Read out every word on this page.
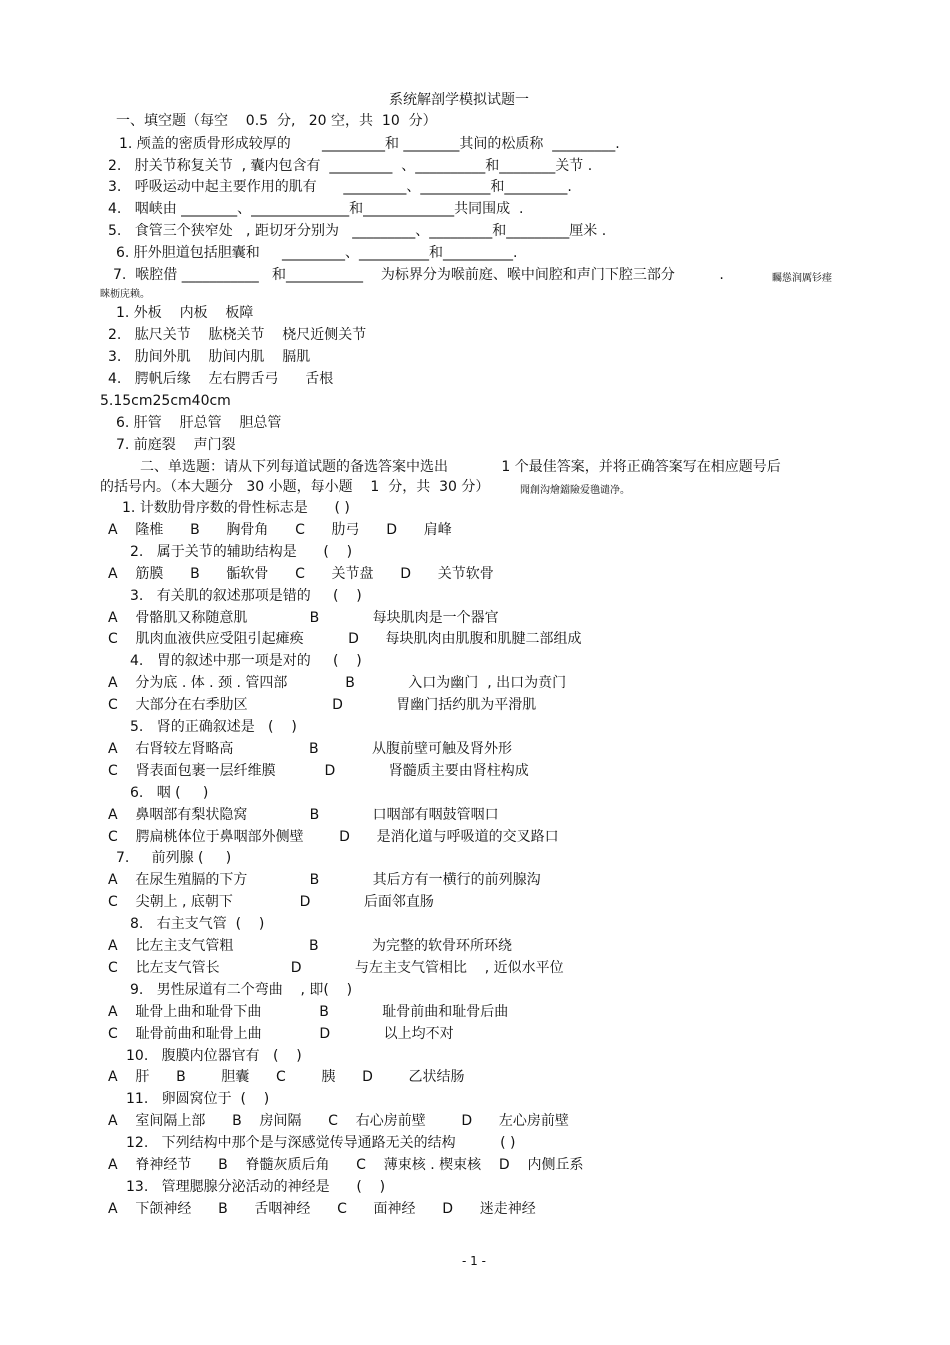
系统解剖学模拟试题一
一、填空题（每空    0.5  分,   20 空，共  10  分）
1. 颅盖的密质骨形成较厚的       _________和 ________其间的松质称  _________.
2.   肘关节称复关节  , 囊内包含有  _________  、__________和________关节 .
3.   呼吸运动中起主要作用的肌有      _________、__________和_________.
4.   咽峡由 ________、______________和_____________共同围成  .
5.   食管三个狭窄处   , 距切牙分别为   _________、_________和_________厘米 .
6. 肝外胆道包括胆囊和     _________、__________和__________.
7.  喉腔借 ___________   和___________    为标界分为喉前庭、喉中间腔和声门下腔三部分          .	矚慫润厲钐瘗
睞枥庑赖。
1. 外板    内板    板障
2.   肱尺关节    肱桡关节    桡尺近侧关节
3.   肋间外肌    肋间内肌    膈肌
4.   腭帆后缘    左右腭舌弓      舌根
5.15cm25cm40cm
6. 肝管    肝总管    胆总管
7. 前庭裂    声门裂
二、单选题：请从下列每道试题的备选答案中选出            1 个最佳答案，并将正确答案写在相应题号后
的括号内。（本大题分   30 小题，每小题    1  分，共  30 分）	聞創沟燴鐺險爱氇谴净。
1. 计数肋骨序数的骨性标志是      ( )
A    隆椎      B      胸骨角      C      肋弓      D      肩峰
2.   属于关节的辅助结构是      (    )
A    筋膜      B      骺软骨      C      关节盘      D      关节软骨
3.   有关肌的叙述那项是错的     (    )
A    骨骼肌又称随意肌              B            每块肌肉是一个器官
C    肌肉血液供应受阻引起瘫痪          D      每块肌肉由肌腹和肌腱二部组成
4.   胃的叙述中那一项是对的     (    )
A    分为底 . 体 . 颈 . 管四部             B            入口为幽门  , 出口为贲门
C    大部分在右季肋区                   D            胃幽门括约肌为平滑肌
5.   肾的正确叙述是   (    )
A    右肾较左肾略高                 B            从腹前壁可触及肾外形
C    肾表面包裹一层纤维膜           D            肾髓质主要由肾柱构成
6.   咽 (     )
A    鼻咽部有梨状隐窝              B            口咽部有咽鼓管咽口
C    腭扁桃体位于鼻咽部外侧壁        D      是消化道与呼吸道的交叉路口
7.     前列腺 (     )
A    在尿生殖膈的下方              B            其后方有一横行的前列腺沟
C    尖朝上 , 底朝下               D            后面邻直肠
8.   右主支气管  (    )
A    比左主支气管粗                 B            为完整的软骨环所环绕
C    比左支气管长                D            与左主支气管相比    , 近似水平位
9.   男性尿道有二个弯曲    , 即(    )
A    耻骨上曲和耻骨下曲             B            耻骨前曲和耻骨后曲
C    耻骨前曲和耻骨上曲             D            以上均不对
10.   腹膜内位器官有   (    )
A    肝      B        胆囊      C        胰      D        乙状结肠
11.   卵圆窝位于  (    )
A    室间隔上部      B    房间隔      C    右心房前壁        D      左心房前壁
12.   下列结构中那个是与深感觉传导通路无关的结构          ( )
A    脊神经节      B    脊髓灰质后角      C    薄束核 . 楔束核    D    内侧丘系
13.   管理腮腺分泌活动的神经是      (    )
A    下颌神经      B      舌咽神经      C      面神经      D      迷走神经
- 1 -
